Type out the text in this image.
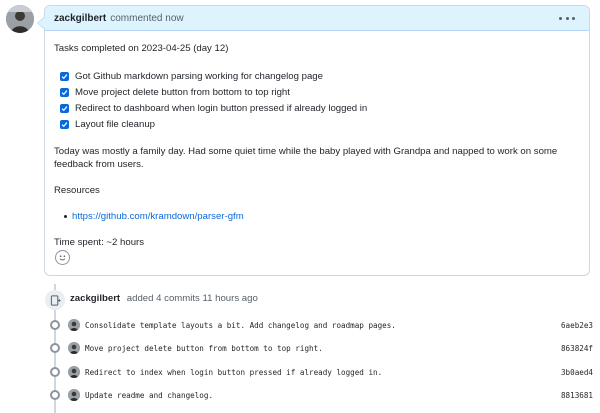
zackgilbert commented now
Tasks completed on 2023-04-25 (day 12)
Got Github markdown parsing working for changelog page
Move project delete button from bottom to top right
Redirect to dashboard when login button pressed if already logged in
Layout file cleanup
Today was mostly a family day. Had some quiet time while the baby played with Grandpa and napped to work on some feedback from users.
Resources
https://github.com/kramdown/parser-gfm
Time spent: ~2 hours
zackgilbert added 4 commits 11 hours ago
Consolidate template layouts a bit. Add changelog and roadmap pages.	6aeb2e3
Move project delete button from bottom to top right.	863824f
Redirect to index when login button pressed if already logged in.	3b0aed4
Update readme and changelog.	8813681
